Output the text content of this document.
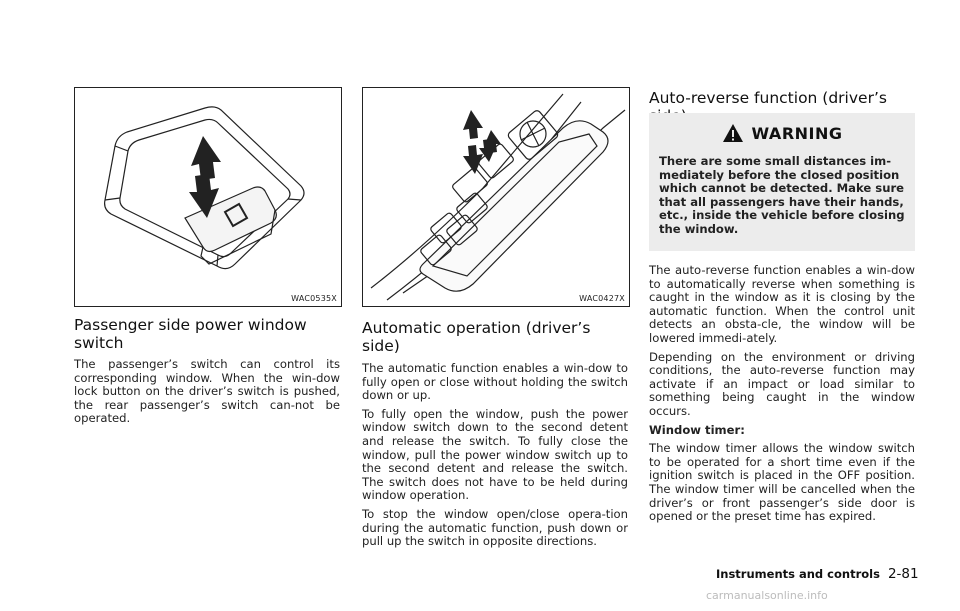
WAC0535X	WAC0427X
Passenger side power window switch

The passenger’s switch can control its corresponding window. When the win-dow lock button on the driver’s switch is pushed, the rear passenger’s switch can-not be operated.

Automatic operation (driver’s side)

The automatic function enables a win-dow to fully open or close without holding the switch down or up.

To fully open the window, push the power window switch down to the second detent and release the switch. To fully close the window, pull the power window switch up to the second detent and release the switch. The switch does not have to be held during window operation.

To stop the window open/close opera-tion during the automatic function, push down or pull up the switch in opposite directions.

Auto-reverse function (driver’s
WARNING
There are some small distances im-mediately before the closed position which cannot be detected. Make sure that all passengers have their hands, etc., inside the vehicle before closing the window.

The auto-reverse function enables a win-dow to automatically reverse when something is caught in the window as it is closing by the automatic function. When the control unit detects an obsta-cle, the window will be lowered immedi-ately.

Depending on the environment or driving conditions, the auto-reverse function may activate if an impact or load similar to something being caught in the window occurs.

Window timer:

The window timer allows the window switch to be operated for a short time even if the ignition switch is placed in the OFF position. The window timer will be cancelled when the driver’s or front passenger’s side door is opened or the preset time has expired.

Instruments and controls 2-81
carmanualsonline.info
